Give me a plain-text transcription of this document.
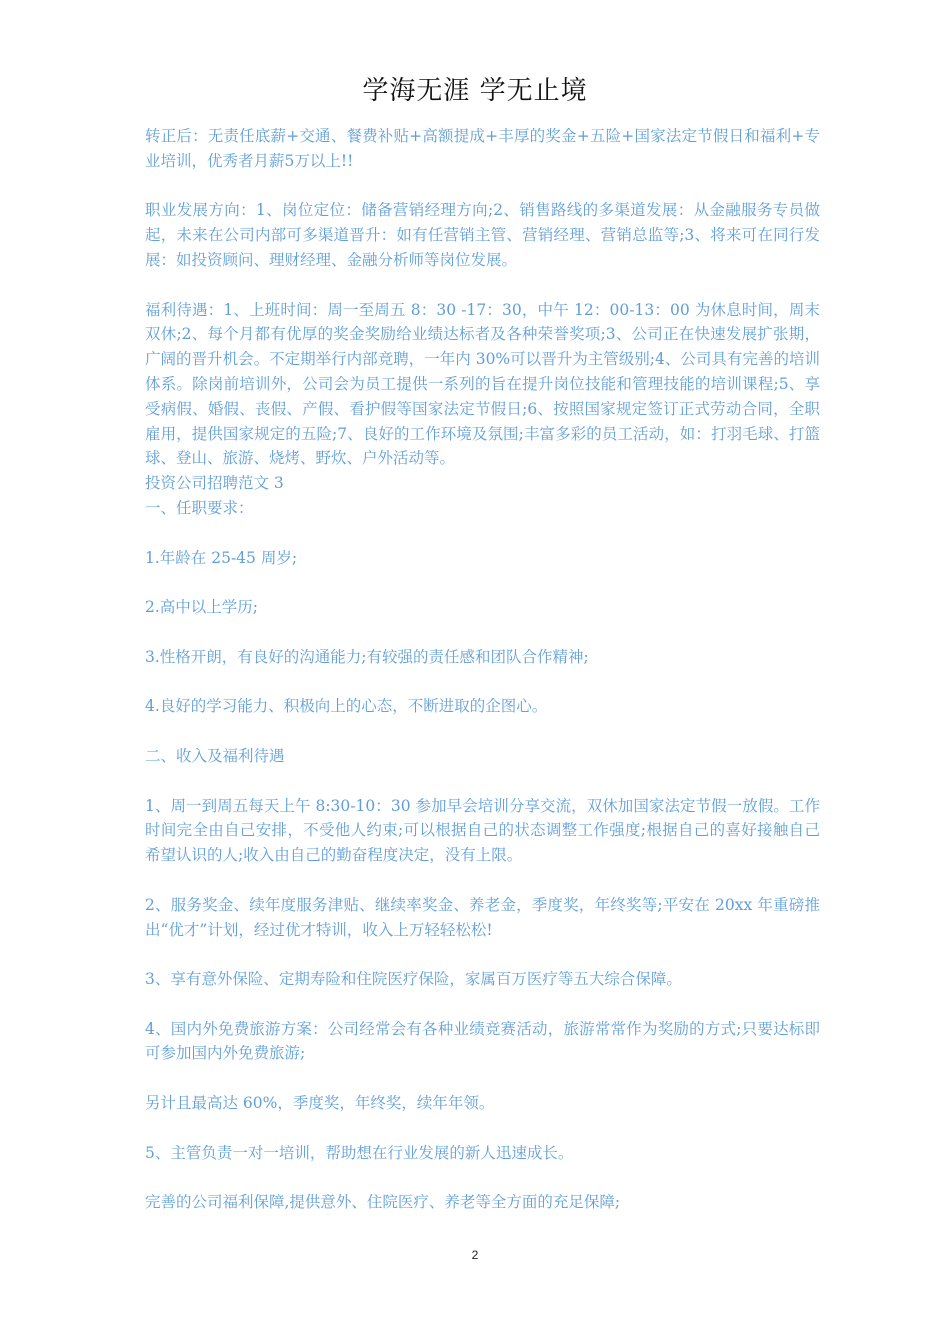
学海无涯 学无止境

转正后：无责任底薪+交通、餐费补贴+高额提成+丰厚的奖金+五险+国家法定节假日和福利+专业培训，优秀者月薪5万以上!!

职业发展方向：1、岗位定位：储备营销经理方向;2、销售路线的多渠道发展：从金融服务专员做起，未来在公司内部可多渠道晋升：如有任营销主管、营销经理、营销总监等;3、将来可在同行发展：如投资顾问、理财经理、金融分析师等岗位发展。

福利待遇：1、上班时间：周一至周五 8：30 -17：30，中午 12：00-13：00 为休息时间，周末双休;2、每个月都有优厚的奖金奖励给业绩达标者及各种荣誉奖项;3、公司正在快速发展扩张期，广阔的晋升机会。不定期举行内部竞聘，一年内 30%可以晋升为主管级别;4、公司具有完善的培训体系。除岗前培训外，公司会为员工提供一系列的旨在提升岗位技能和管理技能的培训课程;5、享受病假、婚假、丧假、产假、看护假等国家法定节假日;6、按照国家规定签订正式劳动合同，全职雇用，提供国家规定的五险;7、良好的工作环境及氛围;丰富多彩的员工活动，如：打羽毛球、打篮球、登山、旅游、烧烤、野炊、户外活动等。

投资公司招聘范文 3

一、任职要求：

1.年龄在 25-45 周岁;

2.高中以上学历;

3.性格开朗，有良好的沟通能力;有较强的责任感和团队合作精神;

4.良好的学习能力、积极向上的心态，不断进取的企图心。

二、收入及福利待遇

1、周一到周五每天上午 8:30-10：30 参加早会培训分享交流，双休加国家法定节假一放假。工作时间完全由自己安排，不受他人约束;可以根据自己的状态调整工作强度;根据自己的喜好接触自己希望认识的人;收入由自己的勤奋程度决定，没有上限。

2、服务奖金、续年度服务津贴、继续率奖金、养老金，季度奖，年终奖等;平安在 20xx 年重磅推出“优才”计划，经过优才特训，收入上万轻轻松松!

3、享有意外保险、定期寿险和住院医疗保险，家属百万医疗等五大综合保障。

4、国内外免费旅游方案：公司经常会有各种业绩竞赛活动，旅游常常作为奖励的方式;只要达标即可参加国内外免费旅游;

另计且最高达 60%，季度奖，年终奖，续年年领。

5、主管负责一对一培训，帮助想在行业发展的新人迅速成长。

完善的公司福利保障,提供意外、住院医疗、养老等全方面的充足保障;

2
